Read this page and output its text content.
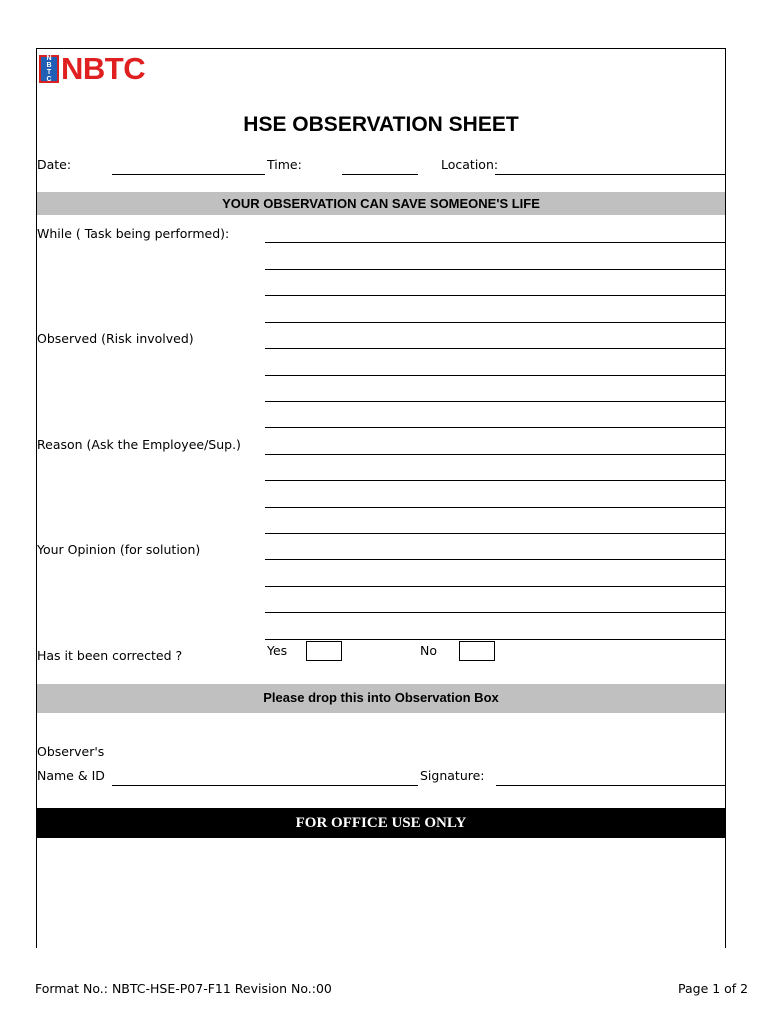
N
B
T
C NBTC
HSE OBSERVATION SHEET
Date:	Time:	Location:
YOUR OBSERVATION CAN SAVE SOMEONE'S LIFE
While ( Task being performed):
Observed (Risk involved)
Reason (Ask the Employee/Sup.)
Your Opinion (for solution)
Has it been corrected ?	Yes	No
Please drop this into Observation Box
Observer's
Name & ID	Signature:
FOR OFFICE USE ONLY
Format No.: NBTC-HSE-P07-F11 Revision No.:00	Page 1 of 2
